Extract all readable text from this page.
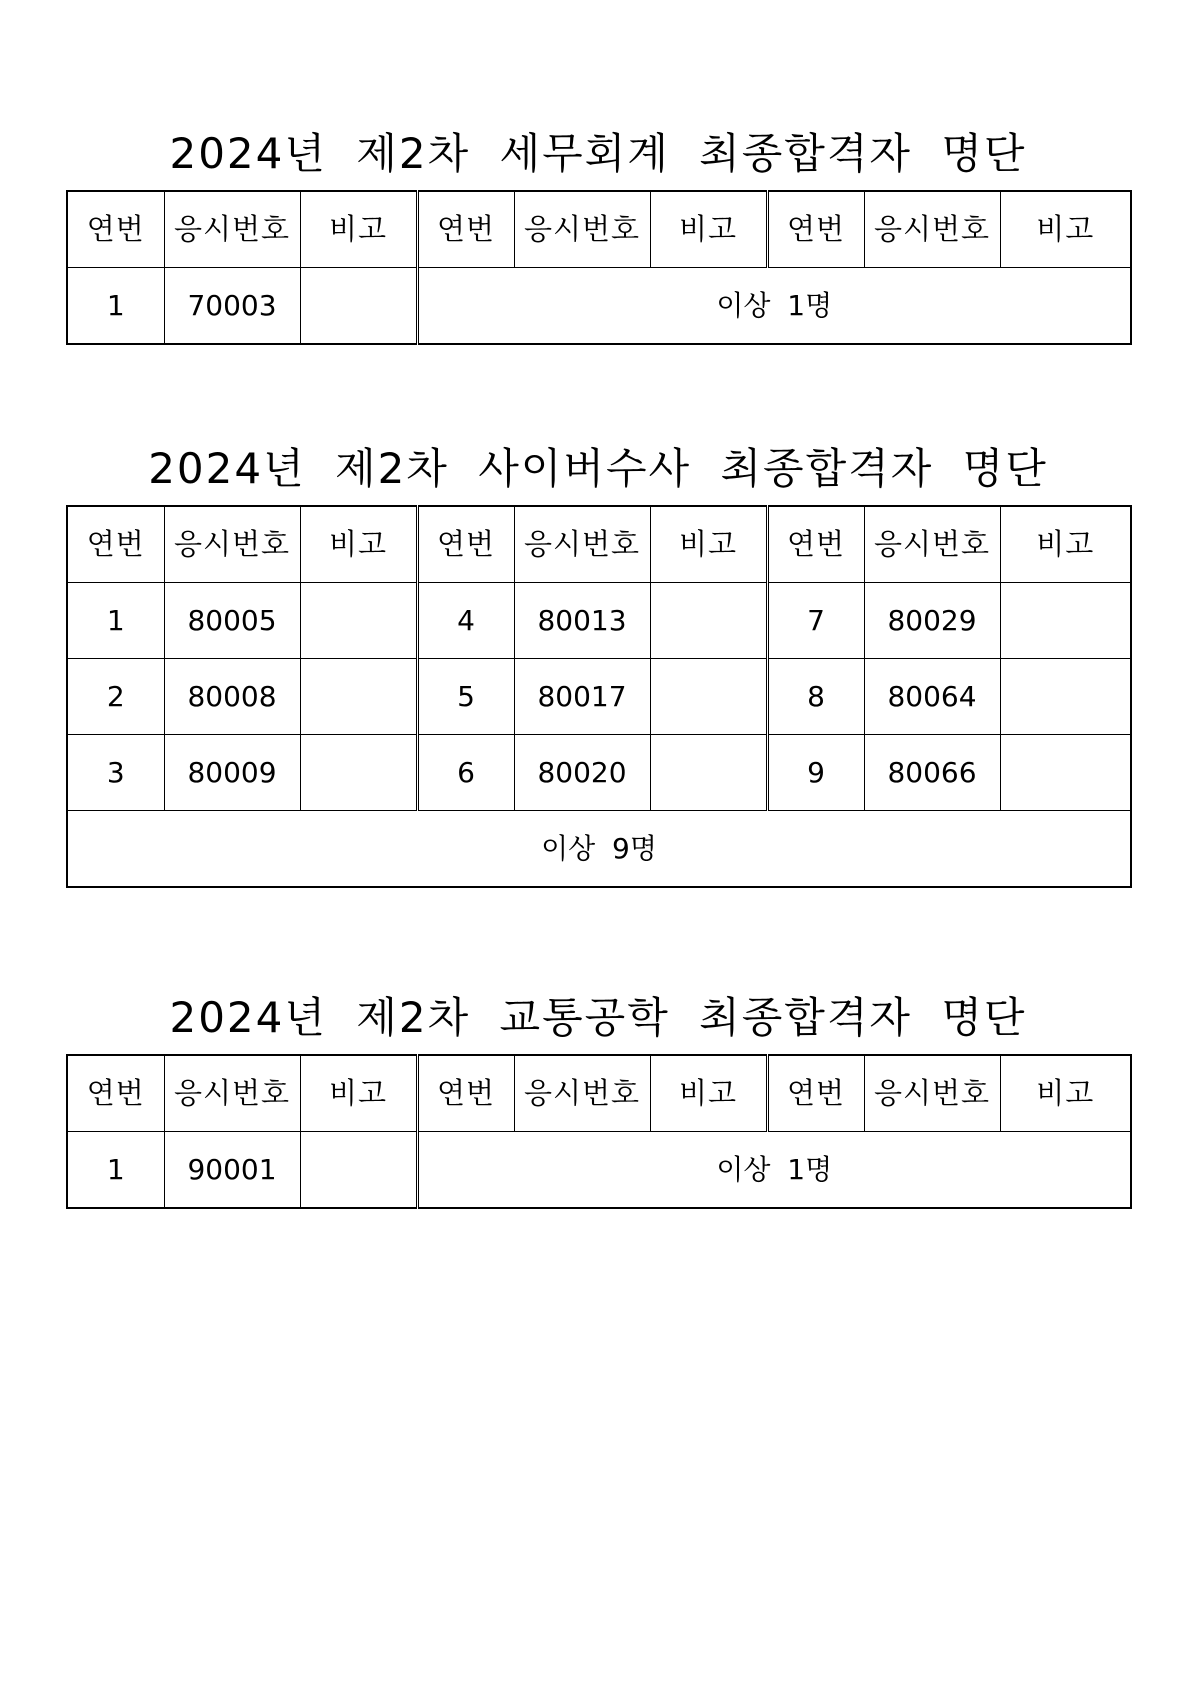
2024년 제2차 세무회계 최종합격자 명단
연번	응시번호	비고	연번	응시번호	비고	연번	응시번호	비고
1	70003		이상 1명					
2024년 제2차 사이버수사 최종합격자 명단
연번	응시번호	비고	연번	응시번호	비고	연번	응시번호	비고
1	80005		4	80013		7	80029	
2	80008		5	80017		8	80064	
3	80009		6	80020		9	80066	
이상 9명								
2024년 제2차 교통공학 최종합격자 명단
연번	응시번호	비고	연번	응시번호	비고	연번	응시번호	비고
1	90001		이상 1명					
